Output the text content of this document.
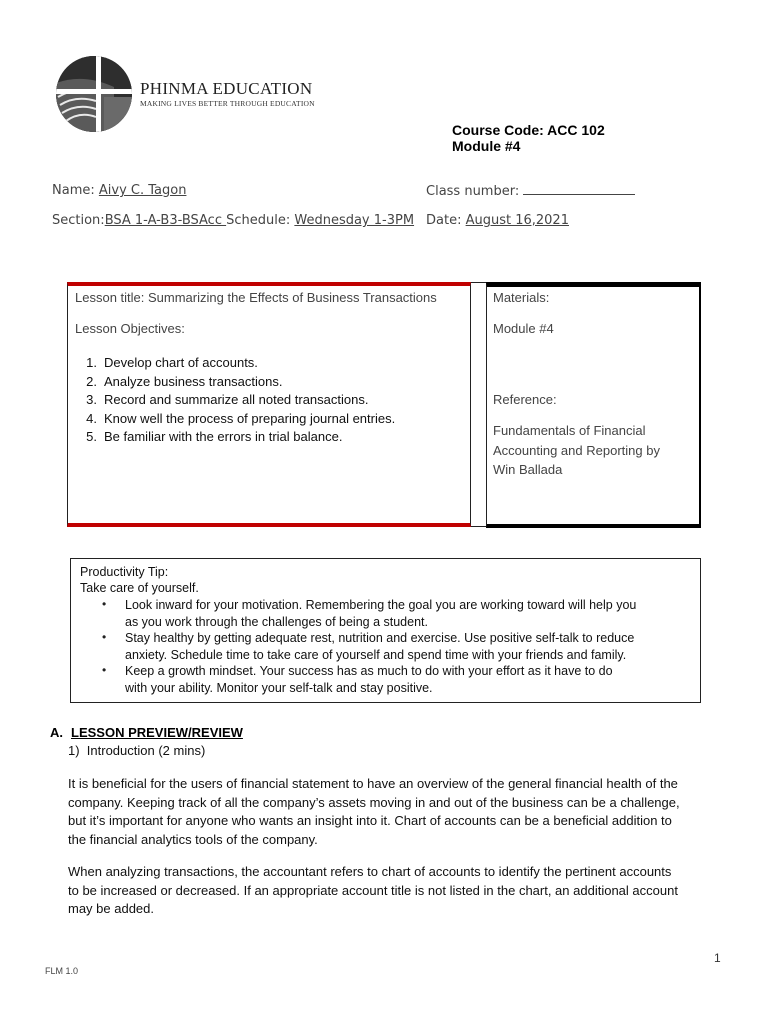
PHINMA EDUCATION
MAKING LIVES BETTER THROUGH EDUCATION
Course Code: ACC 102
Module #4
Name: Aivy C. Tagon	Class number:
Section:BSA 1-A-B3-BSAcc Schedule: Wednesday 1-3PM Date: August 16,2021
Lesson title: Summarizing the Effects of Business Transactions
Lesson Objectives:
1. Develop chart of accounts.
2. Analyze business transactions.
3. Record and summarize all noted transactions.
4. Know well the process of preparing journal entries.
5. Be familiar with the errors in trial balance.
Materials:
Module #4
Reference:
Fundamentals of Financial
Accounting and Reporting by
Win Ballada
Productivity Tip:
Take care of yourself.
• Look inward for your motivation. Remembering the goal you are working toward will help you
as you work through the challenges of being a student.
• Stay healthy by getting adequate rest, nutrition and exercise. Use positive self-talk to reduce
anxiety. Schedule time to take care of yourself and spend time with your friends and family.
• Keep a growth mindset. Your success has as much to do with your effort as it have to do
with your ability. Monitor your self-talk and stay positive.
A. LESSON PREVIEW/REVIEW
1) Introduction (2 mins)
It is beneficial for the users of financial statement to have an overview of the general financial health of the
company. Keeping track of all the company’s assets moving in and out of the business can be a challenge,
but it’s important for anyone who wants an insight into it. Chart of accounts can be a beneficial addition to
the financial analytics tools of the company.
When analyzing transactions, the accountant refers to chart of accounts to identify the pertinent accounts
to be increased or decreased. If an appropriate account title is not listed in the chart, an additional account
may be added.
1
FLM 1.0
